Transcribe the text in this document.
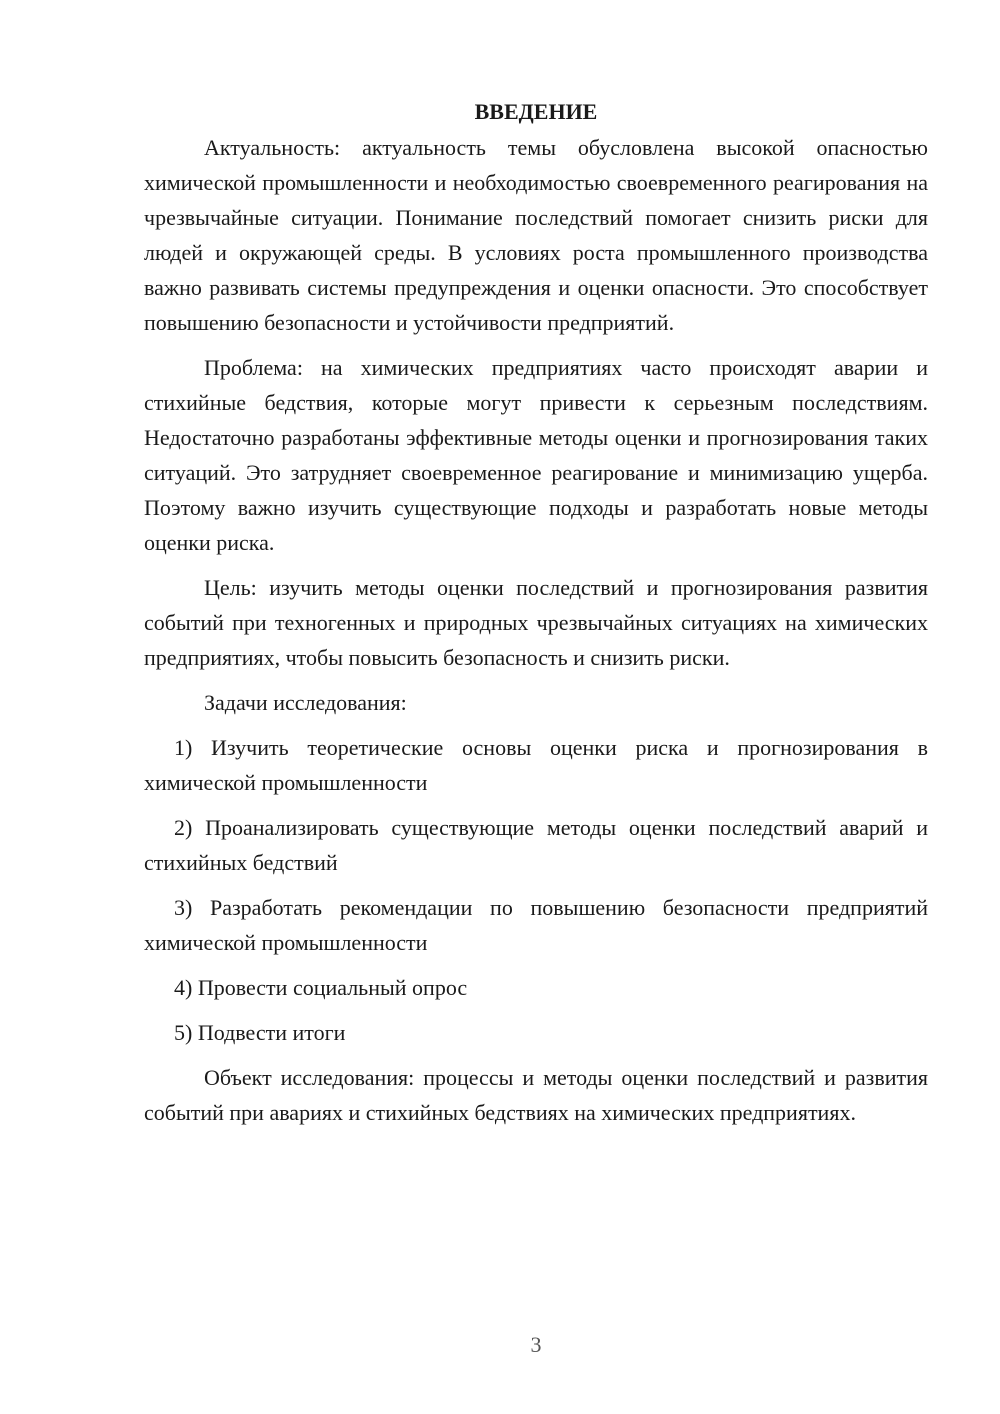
ВВЕДЕНИЕ

Актуальность: актуальность темы обусловлена высокой опасностью химической промышленности и необходимостью своевременного реагирования на чрезвычайные ситуации. Понимание последствий помогает снизить риски для людей и окружающей среды. В условиях роста промышленного производства важно развивать системы предупреждения и оценки опасности. Это способствует повышению безопасности и устойчивости предприятий.

Проблема: на химических предприятиях часто происходят аварии и стихийные бедствия, которые могут привести к серьезным последствиям. Недостаточно разработаны эффективные методы оценки и прогнозирования таких ситуаций. Это затрудняет своевременное реагирование и минимизацию ущерба. Поэтому важно изучить существующие подходы и разработать новые методы оценки риска.

Цель: изучить методы оценки последствий и прогнозирования развития событий при техногенных и природных чрезвычайных ситуациях на химических предприятиях, чтобы повысить безопасность и снизить риски.

Задачи исследования:

1) Изучить теоретические основы оценки риска и прогнозирования в химической промышленности

2) Проанализировать существующие методы оценки последствий аварий и стихийных бедствий

3) Разработать рекомендации по повышению безопасности предприятий химической промышленности

4) Провести социальный опрос

5) Подвести итоги

Объект исследования: процессы и методы оценки последствий и развития событий при авариях и стихийных бедствиях на химических предприятиях.

3
